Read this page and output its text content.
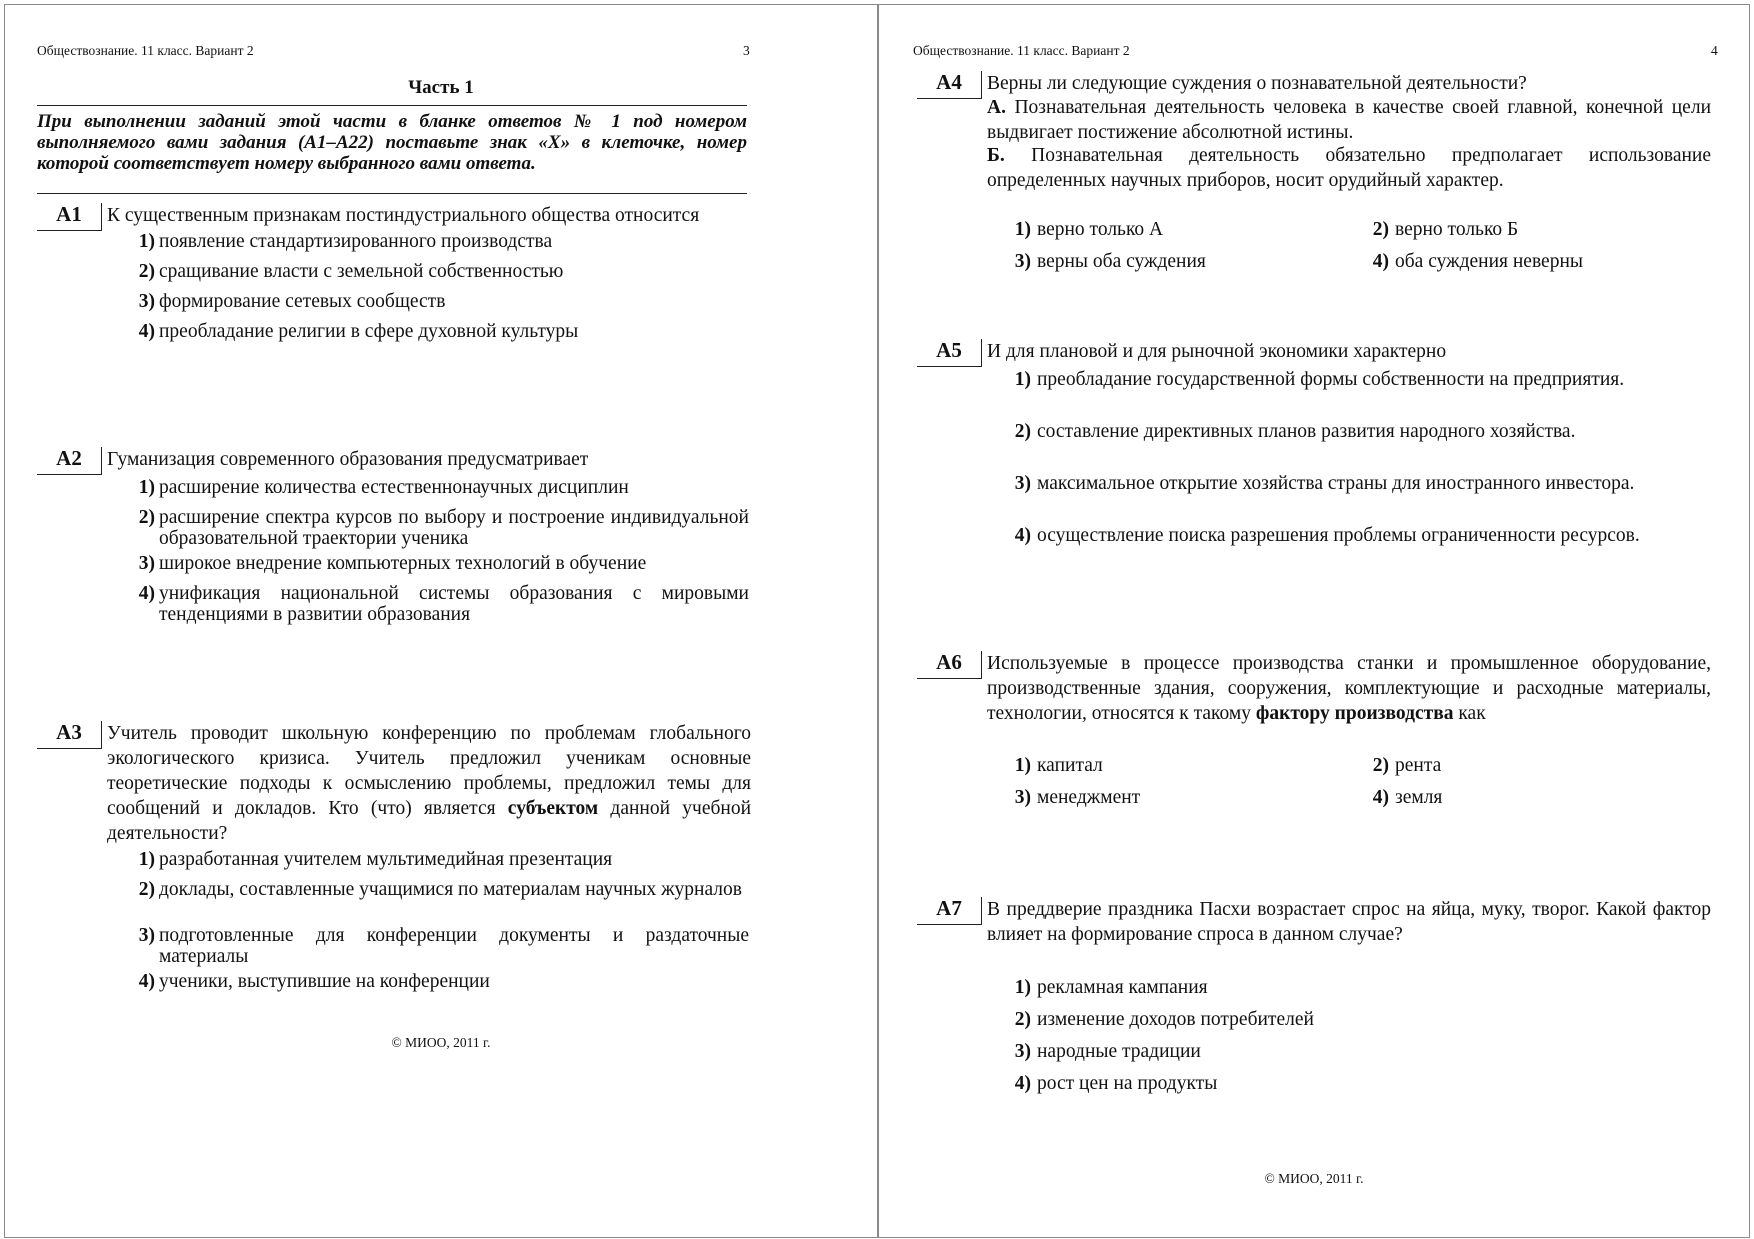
Обществознание. 11 класс. Вариант 2	3
Часть 1
При выполнении заданий этой части в бланке ответов № 1 под номером выполняемого вами задания (А1–А22) поставьте знак «X» в клеточке, номер которой соответствует номеру выбранного вами ответа.
А1	К существенным признакам постиндустриального общества относится
1) появление стандартизированного производства
2) сращивание власти с земельной собственностью
3) формирование сетевых сообществ
4) преобладание религии в сфере духовной культуры
А2	Гуманизация современного образования предусматривает
1) расширение количества естественнонаучных дисциплин
2) расширение спектра курсов по выбору и построение индивидуальной образовательной траектории ученика
3) широкое внедрение компьютерных технологий в обучение
4) унификация национальной системы образования с мировыми тенденциями в развитии образования
А3	Учитель проводит школьную конференцию по проблемам глобального экологического кризиса. Учитель предложил ученикам основные теоретические подходы к осмыслению проблемы, предложил темы для сообщений и докладов. Кто (что) является субъектом данной учебной деятельности?
1) разработанная учителем мультимедийная презентация
2) доклады, составленные учащимися по материалам научных журналов
3) подготовленные для конференции документы и раздаточные материалы
4) ученики, выступившие на конференции
© МИОО, 2011 г.
Обществознание. 11 класс. Вариант 2	4
А4	Верны ли следующие суждения о познавательной деятельности?
А. Познавательная деятельность человека в качестве своей главной, конечной цели выдвигает постижение абсолютной истины.
Б. Познавательная деятельность обязательно предполагает использование определенных научных приборов, носит орудийный характер.
1) верно только А	2) верно только Б
3) верны оба суждения	4) оба суждения неверны
А5	И для плановой и для рыночной экономики характерно
1) преобладание государственной формы собственности на предприятия.
2) составление директивных планов развития народного хозяйства.
3) максимальное открытие хозяйства страны для иностранного инвестора.
4) осуществление поиска разрешения проблемы ограниченности ресурсов.
А6	Используемые в процессе производства станки и промышленное оборудование, производственные здания, сооружения, комплектующие и расходные материалы, технологии, относятся к такому фактору производства как
1) капитал	2) рента
3) менеджмент	4) земля
А7	В преддверие праздника Пасхи возрастает спрос на яйца, муку, творог. Какой фактор влияет на формирование спроса в данном случае?
1) рекламная кампания
2) изменение доходов потребителей
3) народные традиции
4) рост цен на продукты
© МИОО, 2011 г.
